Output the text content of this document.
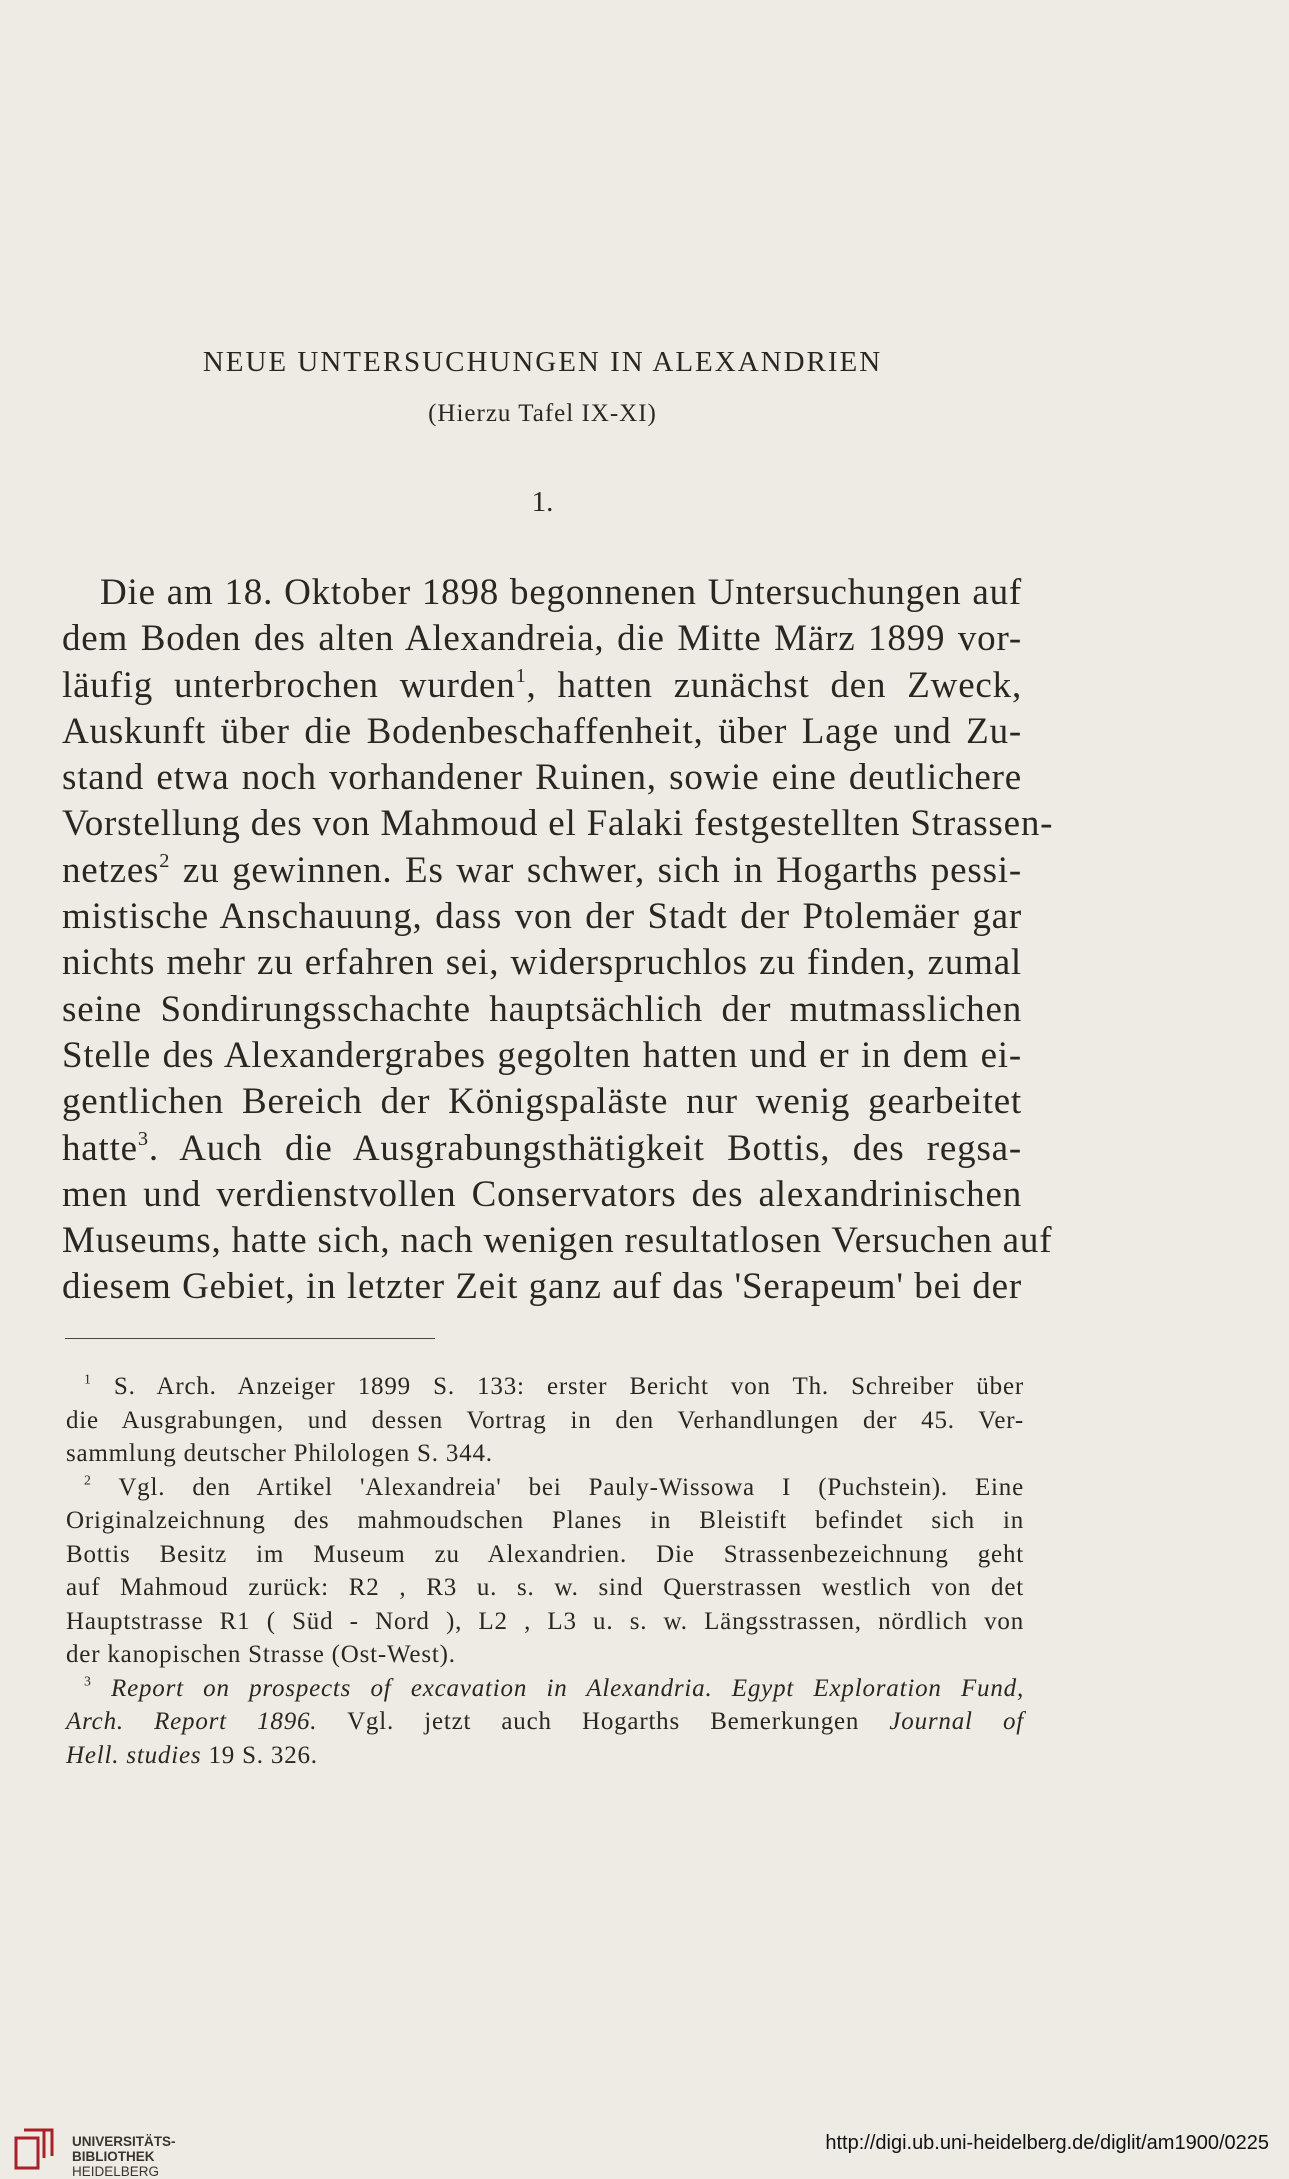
NEUE UNTERSUCHUNGEN IN ALEXANDRIEN
(Hierzu Tafel IX-XI)
1.
Die am 18. Oktober 1898 begonnenen Untersuchungen auf
dem Boden des alten Alexandreia, die Mitte März 1899 vor-
läufig unterbrochen wurden$^1$, hatten zunächst den Zweck,
Auskunft über die Bodenbeschaffenheit, über Lage und Zu-
stand etwa noch vorhandener Ruinen, sowie eine deutlichere
Vorstellung des von Mahmoud el Falaki festgestellten Strassen-
netzes$^2$ zu gewinnen. Es war schwer, sich in Hogarths pessi-
mistische Anschauung, dass von der Stadt der Ptolemäer gar
nichts mehr zu erfahren sei, widerspruchlos zu finden, zumal
seine Sondirungsschachte hauptsächlich der mutmasslichen
Stelle des Alexandergrabes gegolten hatten und er in dem ei-
gentlichen Bereich der Königspaläste nur wenig gearbeitet
hatte$^3$. Auch die Ausgrabungsthätigkeit Bottis, des regsa-
men und verdienstvollen Conservators des alexandrinischen
Museums, hatte sich, nach wenigen resultatlosen Versuchen auf
diesem Gebiet, in letzter Zeit ganz auf das 'Serapeum' bei der
$^1$ S. Arch. Anzeiger 1899 S. 133: erster Bericht von Th. Schreiber über
die Ausgrabungen, und dessen Vortrag in den Verhandlungen der 45. Ver-
sammlung deutscher Philologen S. 344.
$^2$ Vgl. den Artikel 'Alexandreia' bei Pauly-Wissowa I (Puchstein). Eine
Originalzeichnung des mahmoudschen Planes in Bleistift befindet sich in
Bottis Besitz im Museum zu Alexandrien. Die Strassenbezeichnung geht
auf Mahmoud zurück: R2 , R3 u. s. w. sind Querstrassen westlich von det
Hauptstrasse R1 ( Süd - Nord ), L2 , L3 u. s. w. Längsstrassen, nördlich von
der kanopischen Strasse (Ost-West).
$^3$ Report on prospects of excavation in Alexandria. Egypt Exploration Fund,
Arch. Report 1896. Vgl. jetzt auch Hogarths Bemerkungen Journal of
Hell. studies 19 S. 326.
UNIVERSITÄTS-
BIBLIOTHEK
HEIDELBERG
http://digi.ub.uni-heidelberg.de/diglit/am1900/0225
